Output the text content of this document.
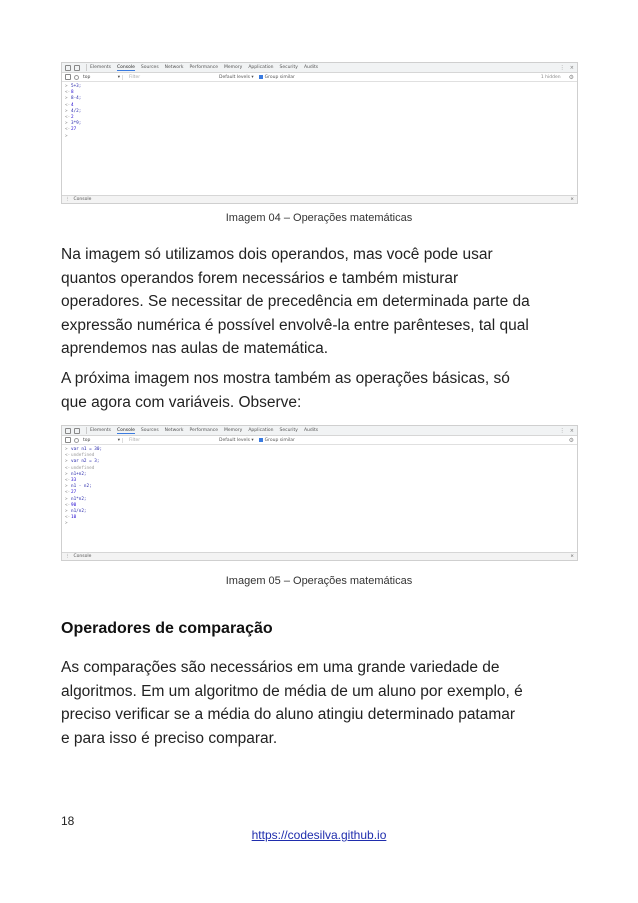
Elements Console Sources Network Performance Memory Application Security Audits	⋮ ×
top	▾ Filter	Default levels ▾ Group similar	1 hidden ⚙
> 5+3;
<· 8
> 8-4;
<· 4
> 4/2;
<· 2
> 3*9;
<· 27
>
⋮ Console	×
Imagem 04 – Operações matemáticas
Na imagem só utilizamos dois operandos, mas você pode usar
quantos operandos forem necessários e também misturar
operadores. Se necessitar de precedência em determinada parte da
expressão numérica é possível envolvê-la entre parênteses, tal qual
aprendemos nas aulas de matemática.
A próxima imagem nos mostra também as operações básicas, só
que agora com variáveis. Observe:
Elements Console Sources Network Performance Memory Application Security Audits	⋮ ×
top	▾ Filter	Default levels ▾ Group similar	⚙
> var n1 = 30;
<· undefined
> var n2 = 3;
<· undefined
> n1+n2;
<· 33
> n1 - n2;
<· 27
> n1*n2;
<· 90
> n1/n2;
<· 10
>
⋮ Console	×
Imagem 05 – Operações matemáticas
Operadores de comparação
As comparações são necessários em uma grande variedade de
algoritmos. Em um algoritmo de média de um aluno por exemplo, é
preciso verificar se a média do aluno atingiu determinado patamar
e para isso é preciso comparar.
18
https://codesilva.github.io
